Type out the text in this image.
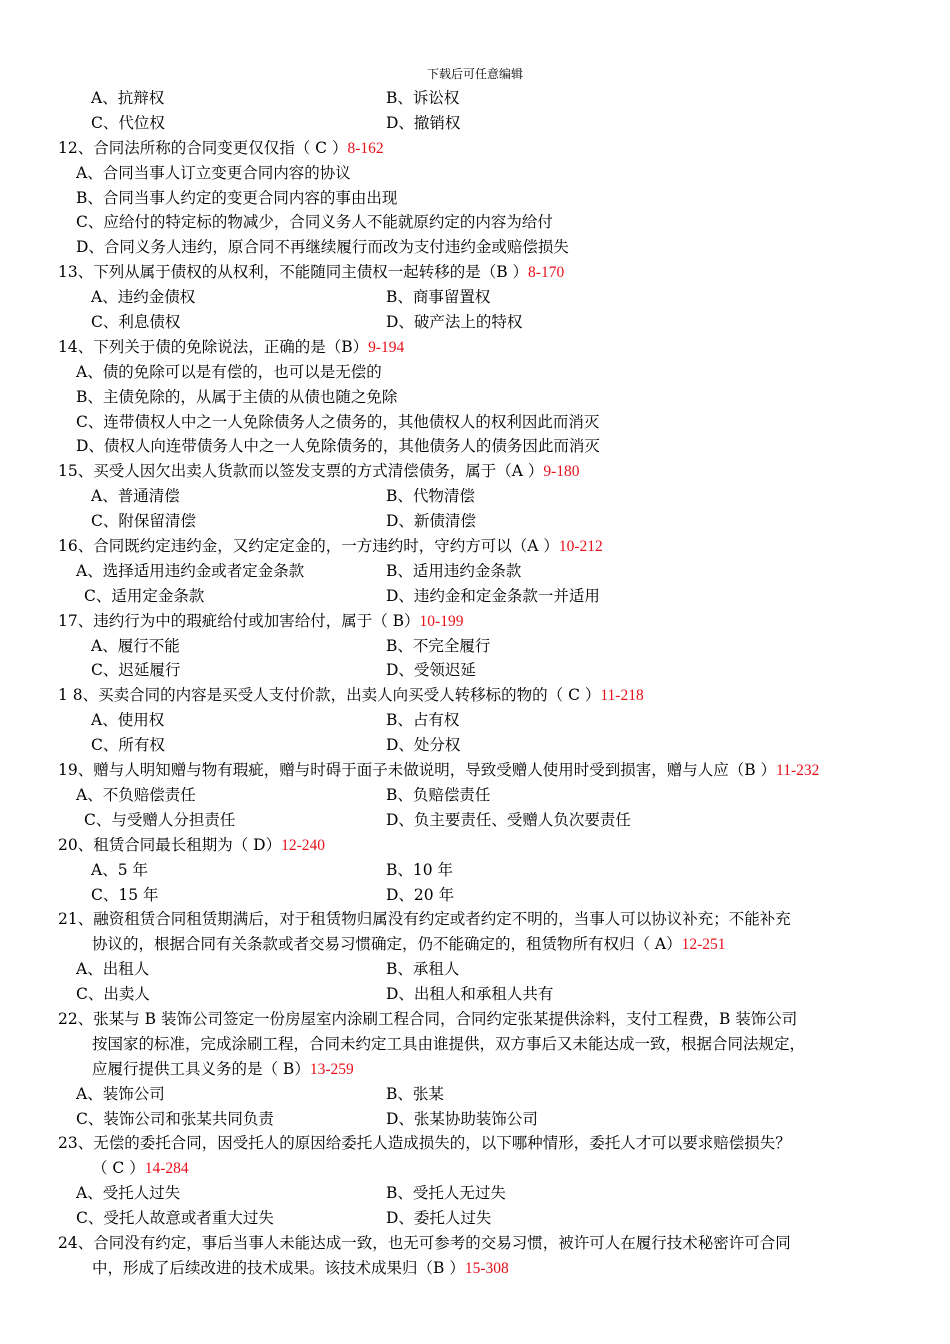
下载后可任意编辑
A、抗辩权	B、诉讼权
C、代位权	D、撤销权
12、合同法所称的合同变更仅仅指（ C ）8-162
A、合同当事人订立变更合同内容的协议
B、合同当事人约定的变更合同内容的事由出现
C、应给付的特定标的物减少，合同义务人不能就原约定的内容为给付
D、合同义务人违约，原合同不再继续履行而改为支付违约金或赔偿损失
13、下列从属于债权的从权利，不能随同主债权一起转移的是（B ）8-170
A、违约金债权	B、商事留置权
C、利息债权	D、破产法上的特权
14、下列关于债的免除说法，正确的是（B）9-194
A、债的免除可以是有偿的，也可以是无偿的
B、主债免除的，从属于主债的从债也随之免除
C、连带债权人中之一人免除债务人之债务的，其他债权人的权利因此而消灭
D、债权人向连带债务人中之一人免除债务的，其他债务人的债务因此而消灭
15、买受人因欠出卖人货款而以签发支票的方式清偿债务，属于（A ）9-180
A、普通清偿	B、代物清偿
C、附保留清偿	D、新债清偿
16、合同既约定违约金，又约定定金的，一方违约时，守约方可以（A ）10-212
A、选择适用违约金或者定金条款	B、适用违约金条款
C、适用定金条款	D、违约金和定金条款一并适用
17、违约行为中的瑕疵给付或加害给付，属于（ B）10-199
A、履行不能	B、不完全履行
C、迟延履行	D、受领迟延
1 8、买卖合同的内容是买受人支付价款，出卖人向买受人转移标的物的（ C ）11-218
A、使用权	B、占有权
C、所有权	D、处分权
19、赠与人明知赠与物有瑕疵，赠与时碍于面子未做说明，导致受赠人使用时受到损害，赠与人应（B ）11-232
A、不负赔偿责任	B、负赔偿责任
C、与受赠人分担责任	D、负主要责任、受赠人负次要责任
20、租赁合同最长租期为（ D）12-240
A、5 年	B、10 年
C、15 年	D、20 年
21、融资租赁合同租赁期满后，对于租赁物归属没有约定或者约定不明的，当事人可以协议补充；不能补充
协议的，根据合同有关条款或者交易习惯确定，仍不能确定的，租赁物所有权归（ A）12-251
A、出租人	B、承租人
C、出卖人	D、出租人和承租人共有
22、张某与 B 装饰公司签定一份房屋室内涂刷工程合同，合同约定张某提供涂料，支付工程费，B 装饰公司
按国家的标准，完成涂刷工程，合同未约定工具由谁提供，双方事后又未能达成一致，根据合同法规定，
应履行提供工具义务的是（ B）13-259
A、装饰公司	B、张某
C、装饰公司和张某共同负责	D、张某协助装饰公司
23、无偿的委托合同，因受托人的原因给委托人造成损失的，以下哪种情形，委托人才可以要求赔偿损失？
（ C ）14-284
A、受托人过失	B、受托人无过失
C、受托人故意或者重大过失	D、委托人过失
24、合同没有约定，事后当事人未能达成一致，也无可参考的交易习惯，被许可人在履行技术秘密许可合同
中，形成了后续改进的技术成果。该技术成果归（B ）15-308
